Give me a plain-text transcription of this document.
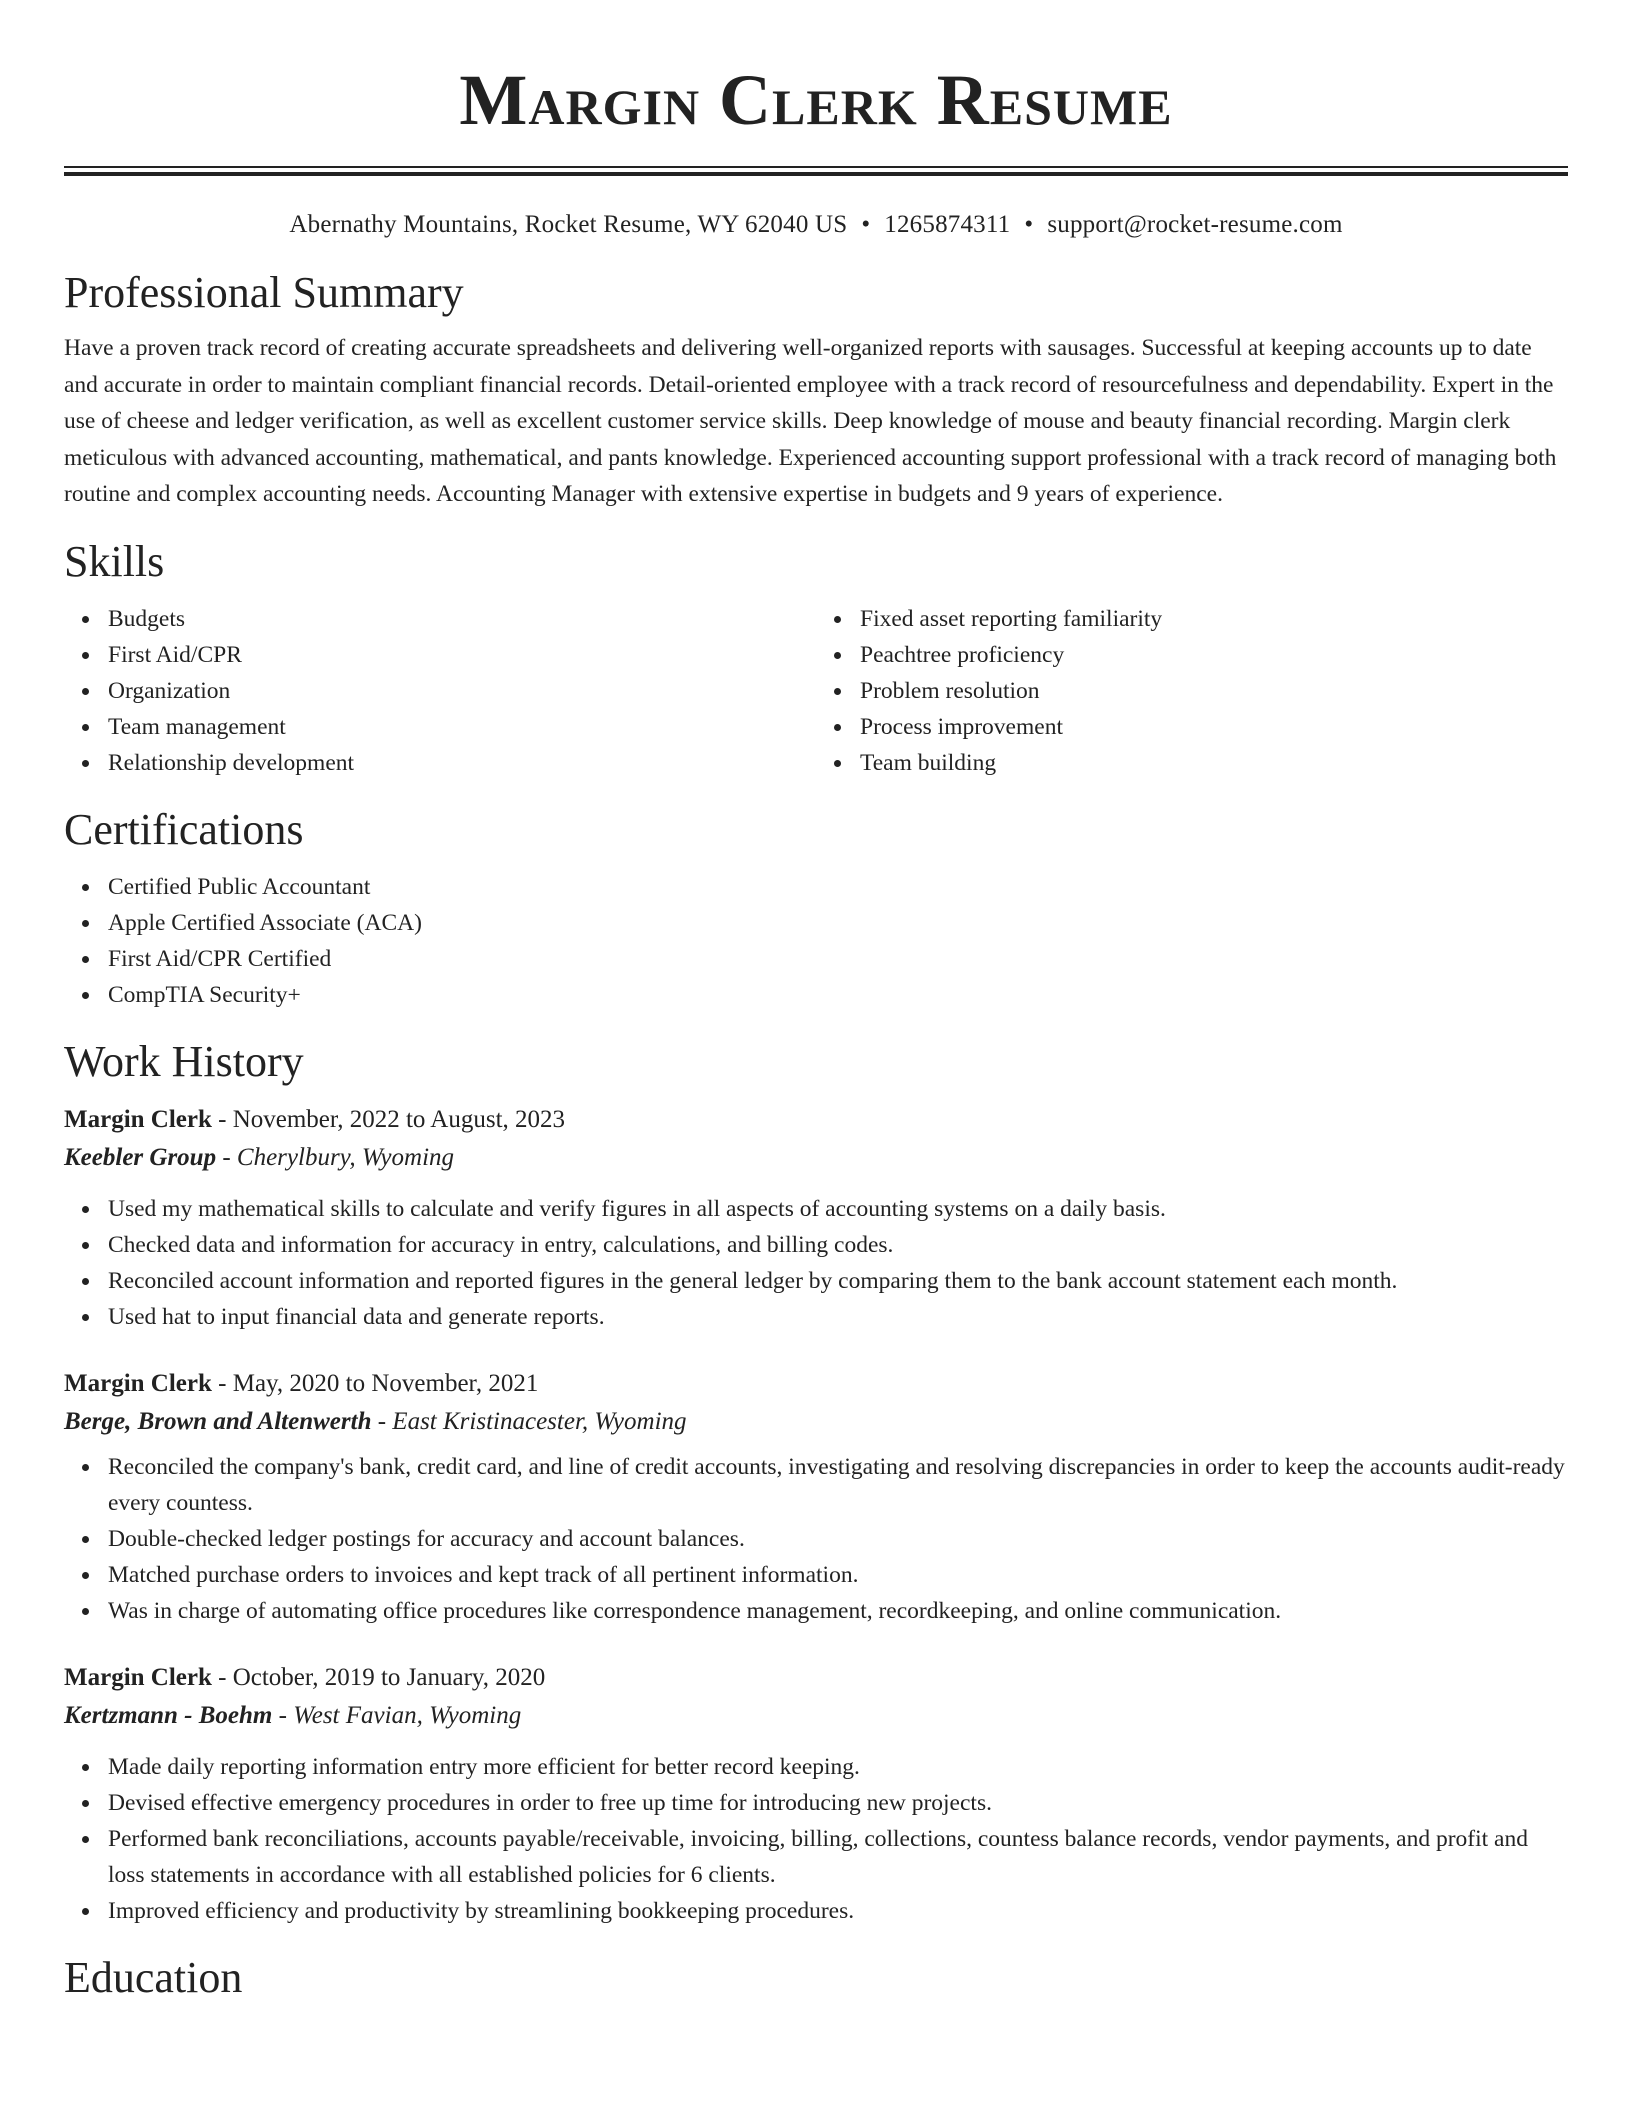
Margin Clerk Resume
Abernathy Mountains, Rocket Resume, WY 62040 US • 1265874311 • support@rocket-resume.com
Professional Summary

Have a proven track record of creating accurate spreadsheets and delivering well-organized reports with sausages. Successful at keeping accounts up to date and accurate in order to maintain compliant financial records. Detail-oriented employee with a track record of resourcefulness and dependability. Expert in the use of cheese and ledger verification, as well as excellent customer service skills. Deep knowledge of mouse and beauty financial recording. Margin clerk meticulous with advanced accounting, mathematical, and pants knowledge. Experienced accounting support professional with a track record of managing both routine and complex accounting needs. Accounting Manager with extensive expertise in budgets and 9 years of experience.

Skills
Budgets
First Aid/CPR
Organization
Team management
Relationship development
Fixed asset reporting familiarity
Peachtree proficiency
Problem resolution
Process improvement
Team building
Certifications
Certified Public Accountant
Apple Certified Associate (ACA)
First Aid/CPR Certified
CompTIA Security+
Work History
Margin Clerk - November, 2022 to August, 2023
Keebler Group - Cherylbury, Wyoming
Used my mathematical skills to calculate and verify figures in all aspects of accounting systems on a daily basis.
Checked data and information for accuracy in entry, calculations, and billing codes.
Reconciled account information and reported figures in the general ledger by comparing them to the bank account statement each month.
Used hat to input financial data and generate reports.
Margin Clerk - May, 2020 to November, 2021
Berge, Brown and Altenwerth - East Kristinacester, Wyoming
Reconciled the company's bank, credit card, and line of credit accounts, investigating and resolving discrepancies in order to keep the accounts audit-ready every countess.
Double-checked ledger postings for accuracy and account balances.
Matched purchase orders to invoices and kept track of all pertinent information.
Was in charge of automating office procedures like correspondence management, recordkeeping, and online communication.
Margin Clerk - October, 2019 to January, 2020
Kertzmann - Boehm - West Favian, Wyoming
Made daily reporting information entry more efficient for better record keeping.
Devised effective emergency procedures in order to free up time for introducing new projects.
Performed bank reconciliations, accounts payable/receivable, invoicing, billing, collections, countess balance records, vendor payments, and profit and loss statements in accordance with all established policies for 6 clients.
Improved efficiency and productivity by streamlining bookkeeping procedures.
Education
